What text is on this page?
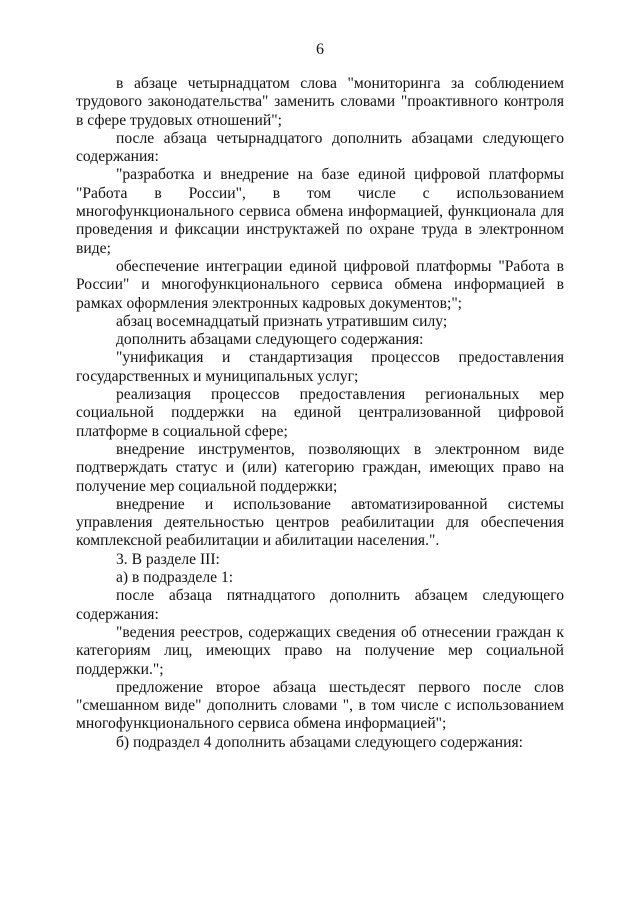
6

в абзаце четырнадцатом слова "мониторинга за соблюдением трудового законодательства" заменить словами "проактивного контроля в сфере трудовых отношений";

после абзаца четырнадцатого дополнить абзацами следующего содержания:

"разработка и внедрение на базе единой цифровой платформы "Работа в России", в том числе с использованием многофункционального сервиса обмена информацией, функционала для проведения и фиксации инструктажей по охране труда в электронном виде;

обеспечение интеграции единой цифровой платформы "Работа в России" и многофункционального сервиса обмена информацией в рамках оформления электронных кадровых документов;";

абзац восемнадцатый признать утратившим силу;

дополнить абзацами следующего содержания:

"унификация и стандартизация процессов предоставления государственных и муниципальных услуг;

реализация процессов предоставления региональных мер социальной поддержки на единой централизованной цифровой платформе в социальной сфере;

внедрение инструментов, позволяющих в электронном виде подтверждать статус и (или) категорию граждан, имеющих право на получение мер социальной поддержки;

внедрение и использование автоматизированной системы управления деятельностью центров реабилитации для обеспечения комплексной реабилитации и абилитации населения.".

3. В разделе III:

а) в подразделе 1:

после абзаца пятнадцатого дополнить абзацем следующего содержания:

"ведения реестров, содержащих сведения об отнесении граждан к категориям лиц, имеющих право на получение мер социальной поддержки.";

предложение второе абзаца шестьдесят первого после слов "смешанном виде" дополнить словами ", в том числе с использованием многофункционального сервиса обмена информацией";

б) подраздел 4 дополнить абзацами следующего содержания:
